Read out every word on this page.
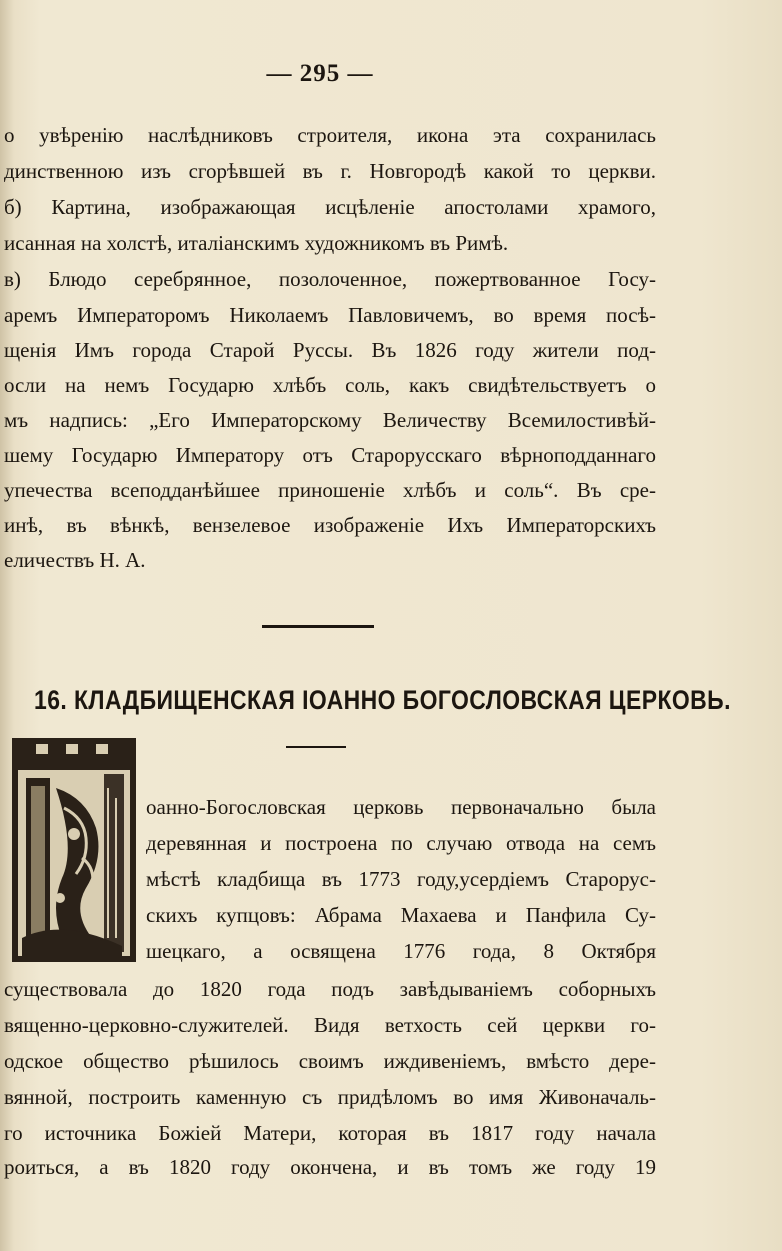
— 295 —
о увѣренію наслѣдниковъ строителя, икона эта сохранилась
динственною изъ сгорѣвшей въ г. Новгородѣ какой то церкви.
б) Картина, изображающая исцѣленіе апостолами храмого,
исанная на холстѣ, италіанскимъ художникомъ въ Римѣ.
в) Блюдо серебрянное, позолоченное, пожертвованное Госу-
аремъ Императоромъ Николаемъ Павловичемъ, во время посѣ-
щенія Имъ города Старой Руссы. Въ 1826 году жители под-
осли на немъ Государю хлѣбъ соль, какъ свидѣтельствуетъ о
мъ надпись: „Его Императорскому Величеству Всемилостивѣй-
шему Государю Императору отъ Старорусскаго вѣрноподданнаго
упечества всеподданѣйшее приношеніе хлѣбъ и соль“. Въ сре-
инѣ, въ вѣнкѣ, вензелевое изображеніе Ихъ Императорскихъ
еличествъ Н. А.
16. КЛАДБИЩЕНСКАЯ ІОАННО БОГОСЛОВСКАЯ ЦЕРКОВЬ.
оанно-Богословская церковь первоначально была
деревянная и построена по случаю отвода на семъ
мѣстѣ кладбища въ 1773 году,усердіемъ Старорус-
скихъ купцовъ: Абрама Махаева и Панфила Су-
шецкаго, а освящена 1776 года, 8 Октября
существовала до 1820 года подъ завѣдываніемъ соборныхъ
вященно-церковно-служителей. Видя ветхость сей церкви го-
одское общество рѣшилось своимъ иждивеніемъ, вмѣсто дере-
вянной, построить каменную съ придѣломъ во имя Живоначаль-
го источника Божіей Матери, которая въ 1817 году начала
роиться, а въ 1820 году окончена, и въ томъ же году 19
